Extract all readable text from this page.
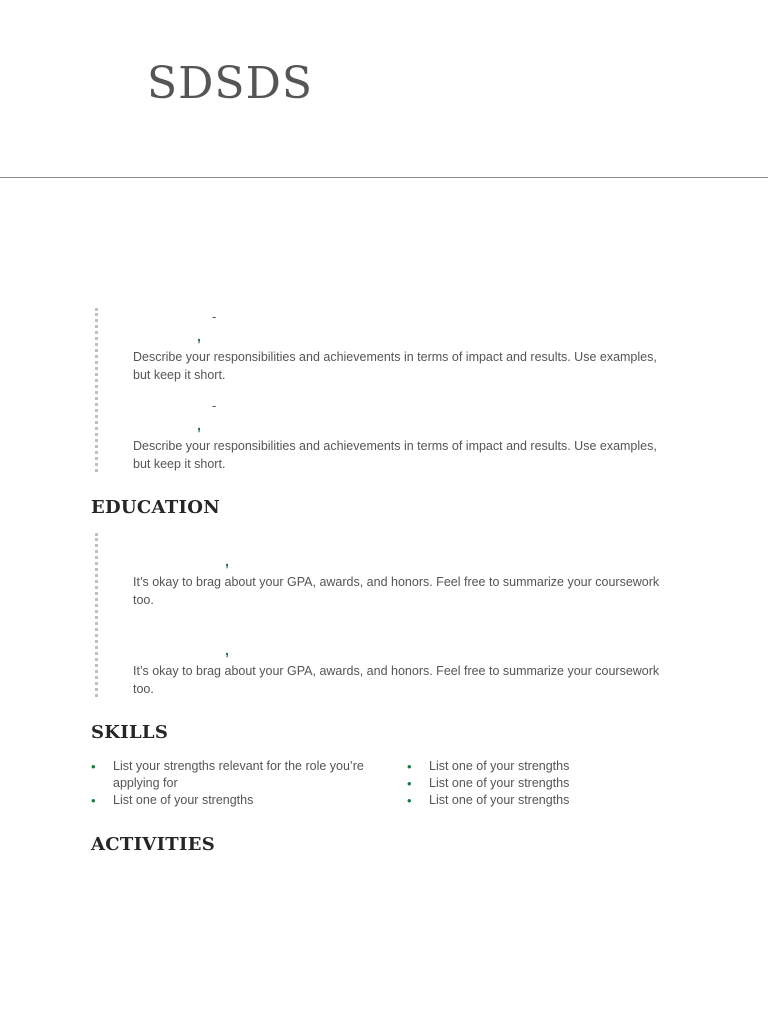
SDSDS
-
,

Describe your responsibilities and achievements in terms of impact and results. Use examples, but keep it short.

-
,

Describe your responsibilities and achievements in terms of impact and results. Use examples, but keep it short.

EDUCATION
,

It’s okay to brag about your GPA, awards, and honors. Feel free to summarize your coursework too.

,

It’s okay to brag about your GPA, awards, and honors. Feel free to summarize your coursework too.

SKILLS
• List your strengths relevant for the role you’re applying for
• List one of your strengths
• List one of your strengths
• List one of your strengths
• List one of your strengths
ACTIVITIES
